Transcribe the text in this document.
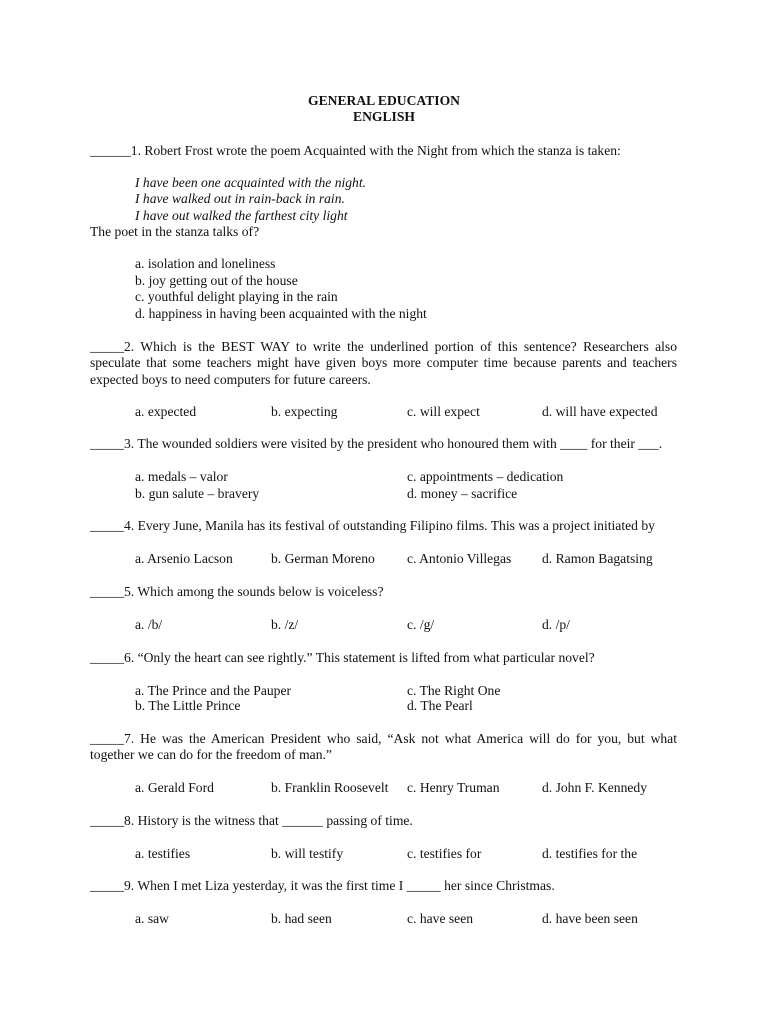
GENERAL EDUCATION
ENGLISH
______1. Robert Frost wrote the poem Acquainted with the Night from which the stanza is taken:
I have been one acquainted with the night.
I have walked out in rain-back in rain.
I have out walked the farthest city light
The poet in the stanza talks of?
a. isolation and loneliness
b. joy getting out of the house
c. youthful delight playing in the rain
d. happiness in having been acquainted with the night
_____2. Which is the BEST WAY to write the underlined portion of this sentence? Researchers also speculate that some teachers might have given boys more computer time because parents and teachers expected boys to need computers for future careers.
a. expected	b. expecting	c. will expect	d. will have expected
_____3. The wounded soldiers were visited by the president who honoured them with ____ for their ___.
a. medals – valor
b. gun salute – bravery
c. appointments – dedication
d. money – sacrifice
_____4. Every June, Manila has its festival of outstanding Filipino films. This was a project initiated by
a. Arsenio Lacson	b. German Moreno c. Antonio Villegas d. Ramon Bagatsing
_____5. Which among the sounds below is voiceless?
a. /b/	b. /z/	c. /g/	d. /p/
_____6. “Only the heart can see rightly.” This statement is lifted from what particular novel?
a. The Prince and the Pauper
b. The Little Prince
c. The Right One
d. The Pearl
_____7. He was the American President who said, “Ask not what America will do for you, but what together we can do for the freedom of man.”
a. Gerald Ford	b. Franklin Roosevelt c. Henry Truman	d. John F. Kennedy
_____8. History is the witness that ______ passing of time.
a. testifies	b. will testify	c. testifies for	d. testifies for the
_____9. When I met Liza yesterday, it was the first time I _____ her since Christmas.
a. saw	b. had seen	c. have seen	d. have been seen
